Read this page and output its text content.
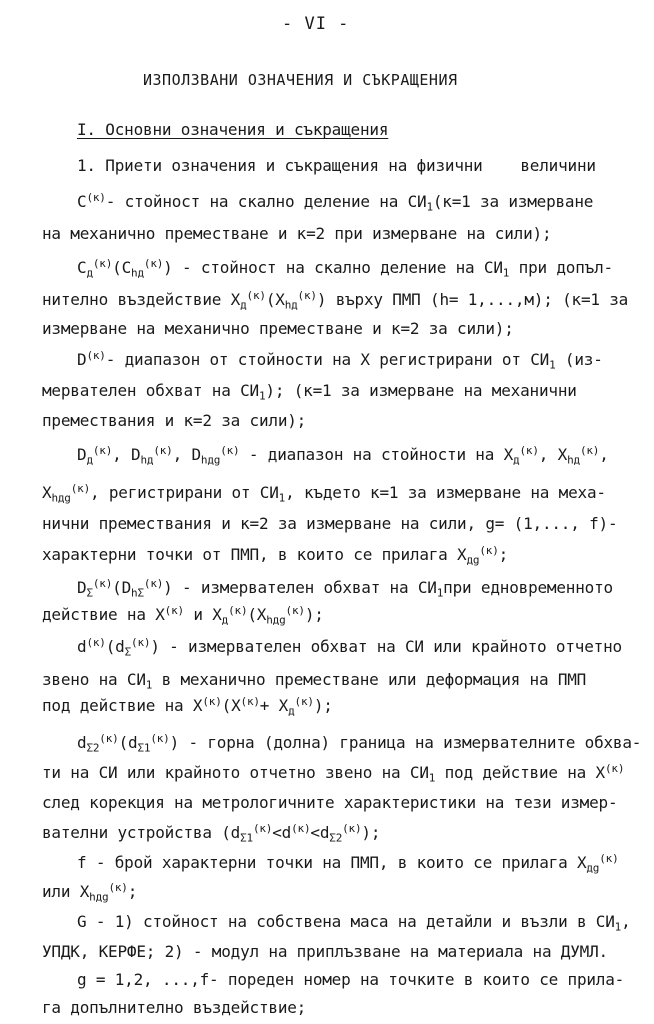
- VI -
ИЗПОЛЗВАНИ ОЗНАЧЕНИЯ И СЪКРАЩЕНИЯ
I. Основни означения и съкращения
1. Приети означения и съкращения на физични    величини
$C^{(к)}-$ стойност на скално деление на $СИ_1(к=1$ за измерване
на механично преместване и к=2 при измерване на сили);
$C_д^{(к)}(C_{hд}^{(к)})$ - стойност на скално деление на $СИ_1$ при допъл-
нително въздействие $X_д^{(к)}(X_{hд}^{(к)})$ върху ПМП (h= 1,...,м); (к=1 за
измерване на механично преместване и к=2 за сили);
$D^{(к)}-$ диапазон от стойности на X регистрирани от $СИ_1$ (из-
мервателен обхват на $СИ_1$); (к=1 за измерване на механични
премествания и к=2 за сили);
$D_д^{(к)}$, $D_{hд}^{(к)}$, $D_{hдg}^{(к)}$ - диапазон на стойности на $X_д^{(к)}$, $X_{hд}^{(к)}$,
$X_{hдg}^{(к)}$, регистрирани от $СИ_1$, където к=1 за измерване на меха-
нични премествания и к=2 за измерване на сили, g= (1,..., f)-
характерни точки от ПМП, в които се прилага $X_{дg}^{(к)}$;
$D_\Sigma^{(к)}(D_{h\Sigma}^{(к)})$ - измервателен обхват на $СИ_1при$ едновременното
действие на $X^{(к)}$ и $X_д^{(к)}(X_{hдg}^{(к)})$;
$d^{(к)}(d_\Sigma^{(к)})$ - измервателен обхват на СИ или крайното отчетно
звено на $СИ_1$ в механично преместване или деформация на ПМП
под действие на $X^{(к)}(X^{(к)}+ X_д^{(к)})$;
$d_{\Sigma 2}^{(к)}(d_{\Sigma 1}^{(к)})$ - горна (долна) граница на измервателните обхва-
ти на СИ или крайното отчетно звено на $СИ_1$ под действие на $X^{(к)}$
след корекция на метрологичните характеристики на тези измер-
вателни устройства $(d_{\Sigma 1}^{(к)}<d^{(к)}<d_{\Sigma 2}^{(к)})$;
f - брой характерни точки на ПМП, в които се прилага $X_{дg}^{(к)}$
или $X_{hдg}^{(к)}$;
G - 1) стойност на собствена маса на детайли и възли в $СИ_1$,
УПДК, КЕРФЕ; 2) - модул на приплъзване на материала на ДУМЛ.
g = 1,2, ...,f- пореден номер на точките в които се прила-
га допълнително въздействие;
